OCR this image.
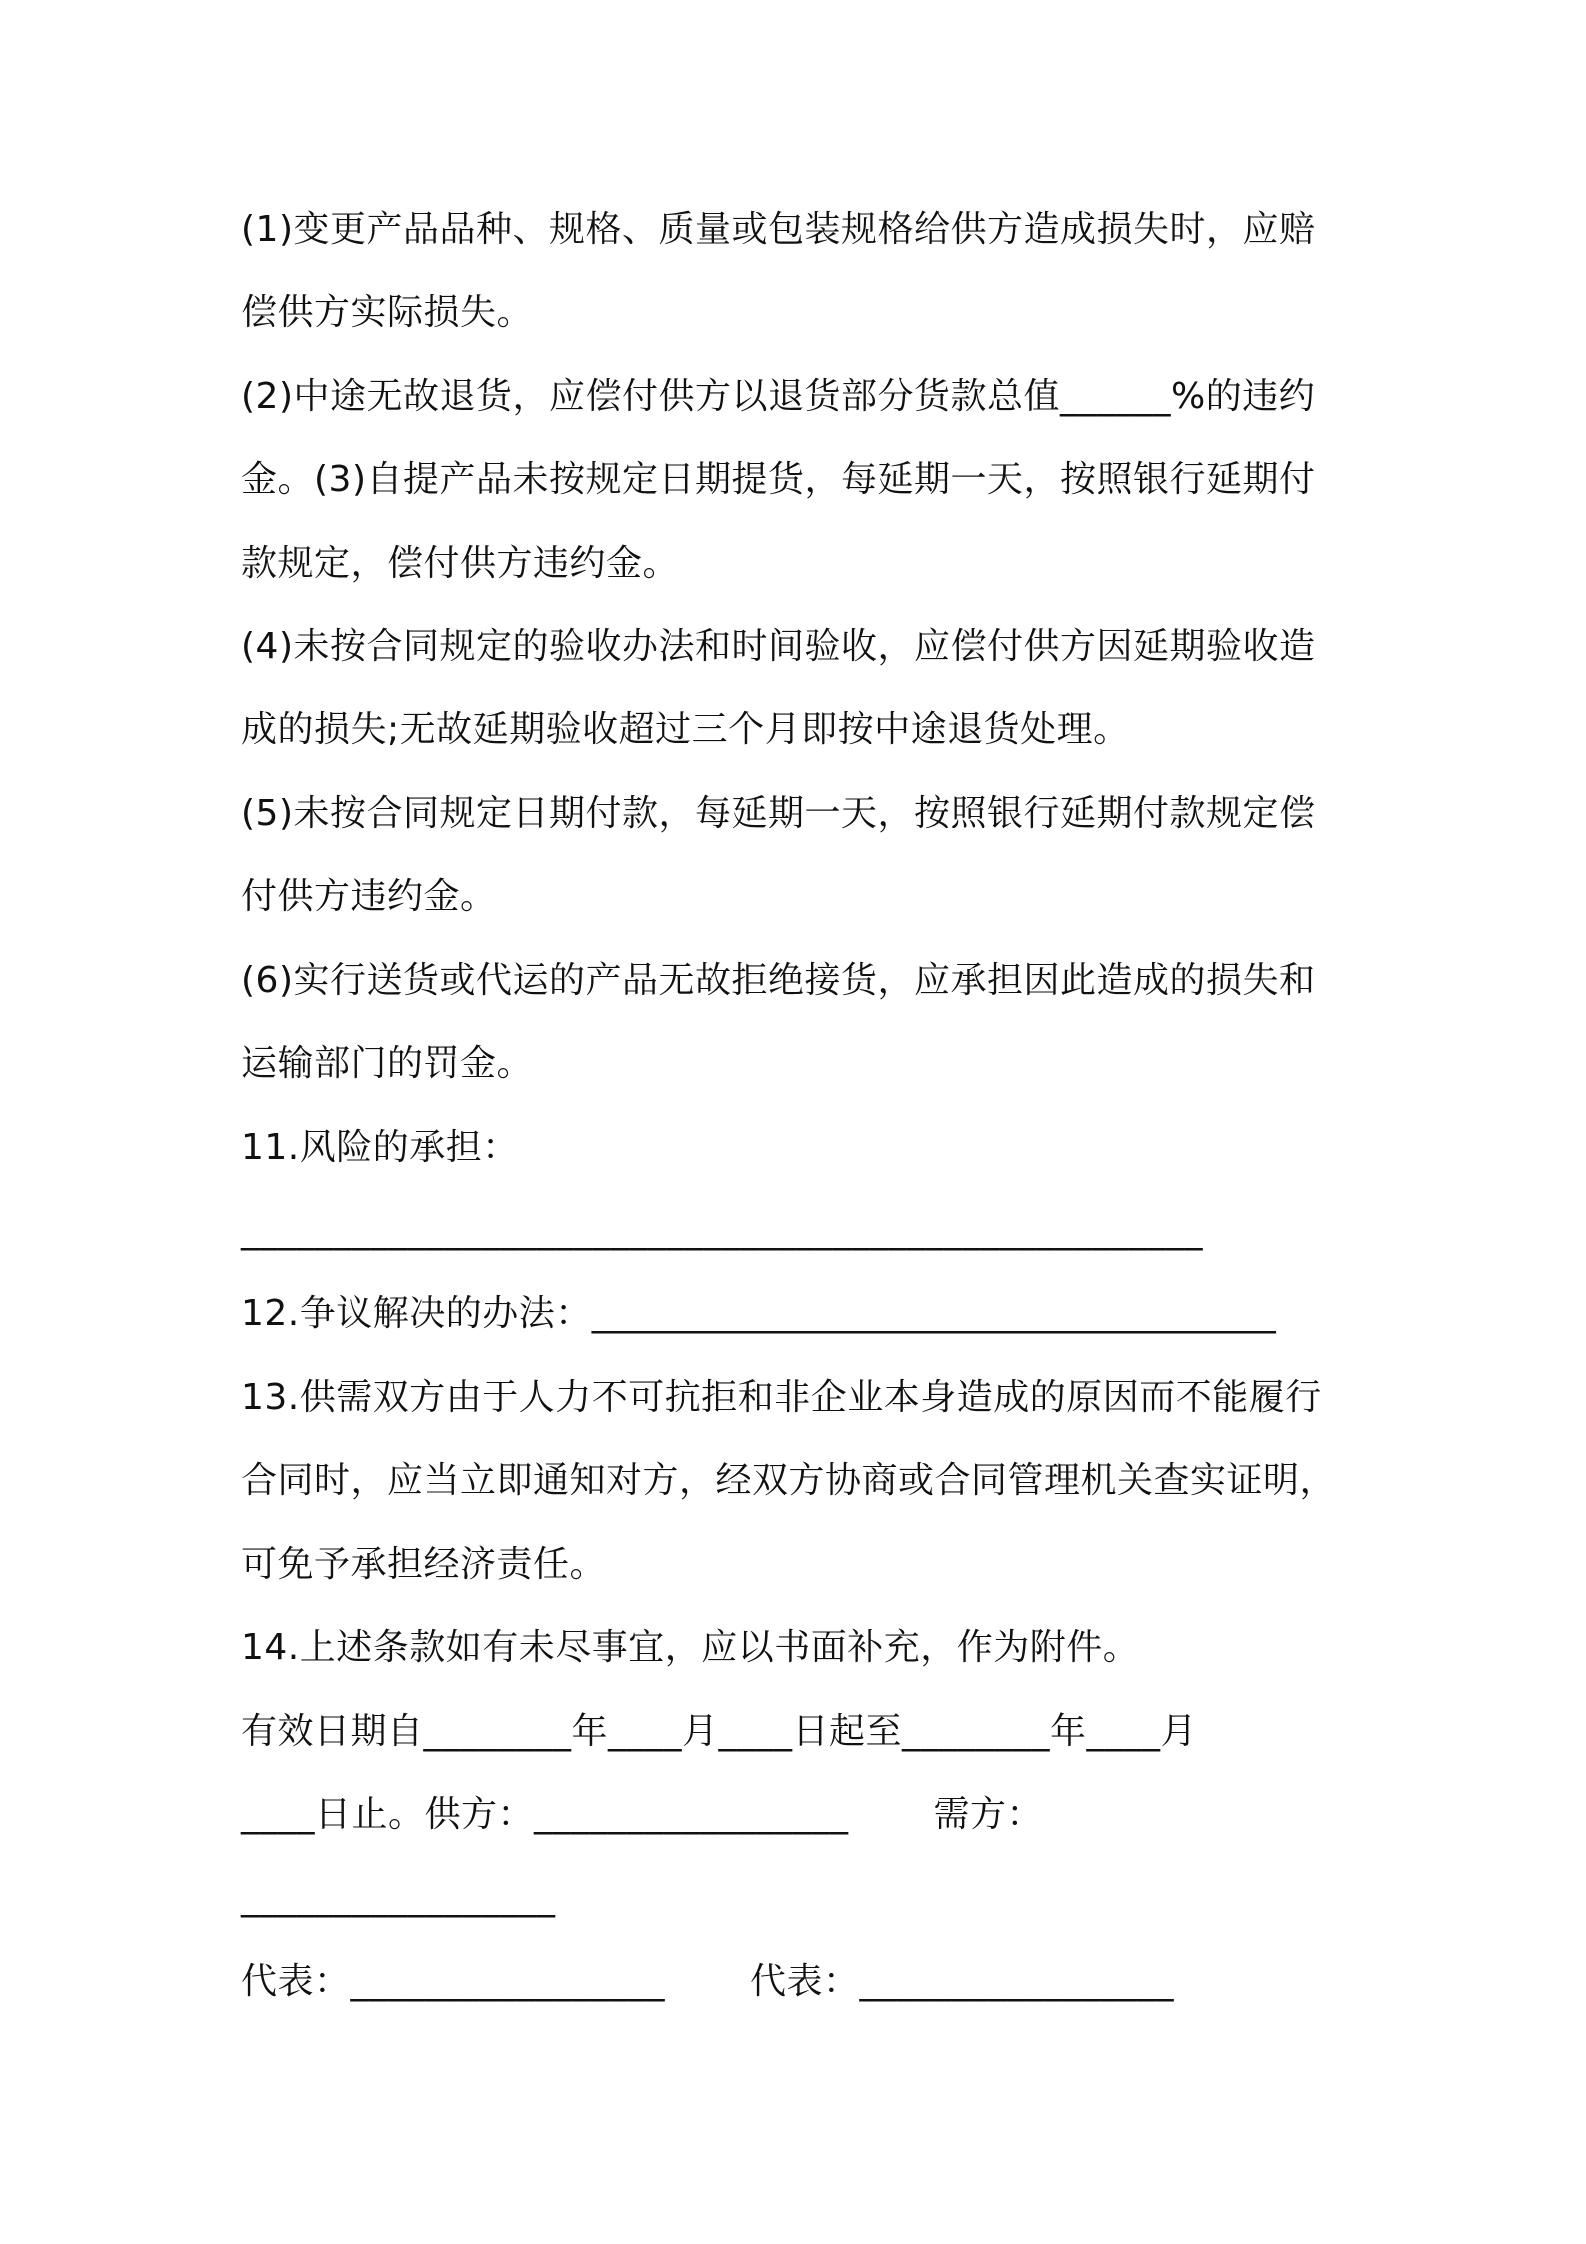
(1)变更产品品种、规格、质量或包装规格给供方造成损失时，应赔
偿供方实际损失。
(2)中途无故退货，应偿付供方以退货部分货款总值______%的违约
金。(3)自提产品未按规定日期提货，每延期一天，按照银行延期付
款规定，偿付供方违约金。
(4)未按合同规定的验收办法和时间验收，应偿付供方因延期验收造
成的损失;无故延期验收超过三个月即按中途退货处理。
(5)未按合同规定日期付款，每延期一天，按照银行延期付款规定偿
付供方违约金。
(6)实行送货或代运的产品无故拒绝接货，应承担因此造成的损失和
运输部门的罚金。
11.风险的承担：
____________________________________________________
12.争议解决的办法：_____________________________________
13.供需双方由于人力不可抗拒和非企业本身造成的原因而不能履行
合同时，应当立即通知对方，经双方协商或合同管理机关查实证明，
可免予承担经济责任。
14.上述条款如有未尽事宜，应以书面补充，作为附件。
有效日期自________年____月____日起至________年____月
____日止。供方：_________________　　 需方：
_________________
代表：_________________　　 代表：_________________
